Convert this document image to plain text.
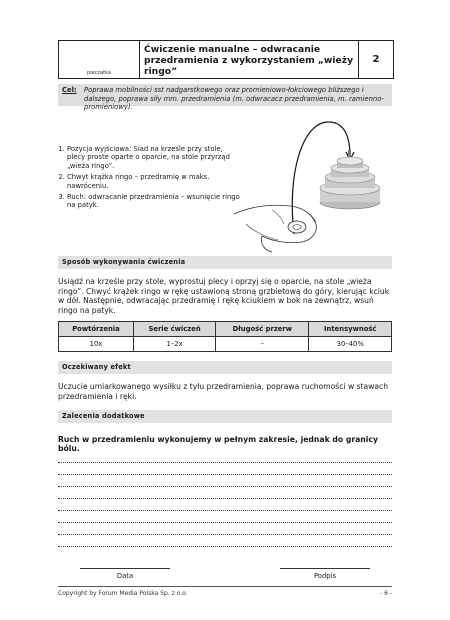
pieczątka
Ćwiczenie manualne – odwracanie przedramienia z wykorzystaniem „wieży ringo”
2
Cel: Poprawa mobilności sst nadgarstkowego oraz promieniowo-łokciowego bliższego i dalszego, poprawa siły mm. przedramienia (m. odwracacz przedramienia, m. ramienno-promieniowy).
1. Pozycja wyjściowa: Siad na krześle przy stole, plecy proste oparte o oparcie, na stole przyrząd „wieża ringo”.
2. Chwyt krążka ringo – przedramię w maks. nawróceniu.
3. Ruch: odwracanie przedramienia – wsunięcie ringo na patyk.
Sposób wykonywania ćwiczenia
Usiądź na krześle przy stole, wyprostuj plecy i oprzyj się o oparcie, na stole „wieża ringo”. Chwyć krążek ringo w rękę ustawioną stroną grzbietową do góry, kierując kciuk w dół. Następnie, odwracając przedramię i rękę kciukiem w bok na zewnątrz, wsuń ringo na patyk.
Powtórzenia	Serie ćwiczeń	Długość przerw	Intensywność
10x	1–2x	–	30–40%
Oczekiwany efekt
Uczucie umiarkowanego wysiłku z tyłu przedramienia, poprawa ruchomości w stawach przedramienia i ręki.
Zalecenia dodatkowe
Ruch w przedramieniu wykonujemy w pełnym zakresie, jednak do granicy bólu.
Data	Podpis
Copyright by Forum Media Polska Sp. z o.o.	- 6 -
